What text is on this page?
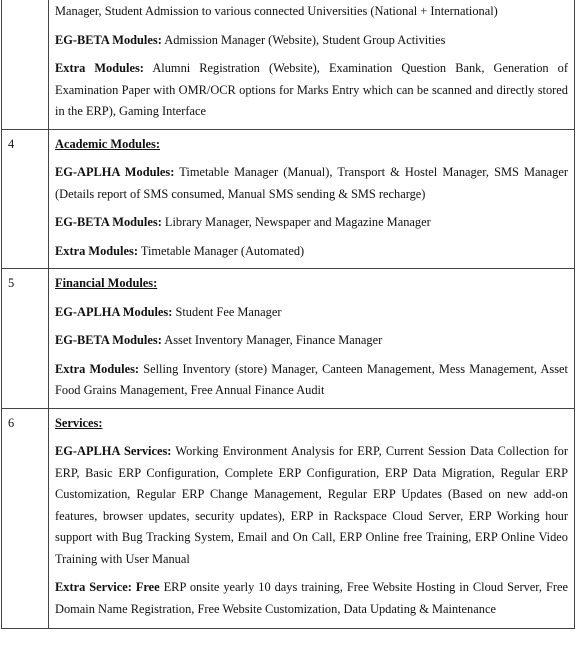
	Manager, Student Admission to various connected Universities (National + International)

EG-BETA Modules: Admission Manager (Website), Student Group Activities

Extra Modules: Alumni Registration (Website), Examination Question Bank, Generation of Examination Paper with OMR/OCR options for Marks Entry which can be scanned and directly stored in the ERP), Gaming Interface

4	Academic Modules:

EG-APLHA Modules: Timetable Manager (Manual), Transport & Hostel Manager, SMS Manager (Details report of SMS consumed, Manual SMS sending & SMS recharge)

EG-BETA Modules: Library Manager, Newspaper and Magazine Manager

Extra Modules: Timetable Manager (Automated)

5	Financial Modules:

EG-APLHA Modules: Student Fee Manager

EG-BETA Modules: Asset Inventory Manager, Finance Manager

Extra Modules: Selling Inventory (store) Manager, Canteen Management, Mess Management, Asset Food Grains Management, Free Annual Finance Audit

6	Services:

EG-APLHA Services: Working Environment Analysis for ERP, Current Session Data Collection for ERP, Basic ERP Configuration, Complete ERP Configuration, ERP Data Migration, Regular ERP Customization, Regular ERP Change Management, Regular ERP Updates (Based on new add-on features, browser updates, security updates), ERP in Rackspace Cloud Server, ERP Working hour support with Bug Tracking System, Email and On Call, ERP Online free Training, ERP Online Video Training with User Manual

Extra Service: Free ERP onsite yearly 10 days training, Free Website Hosting in Cloud Server, Free Domain Name Registration, Free Website Customization, Data Updating & Maintenance
